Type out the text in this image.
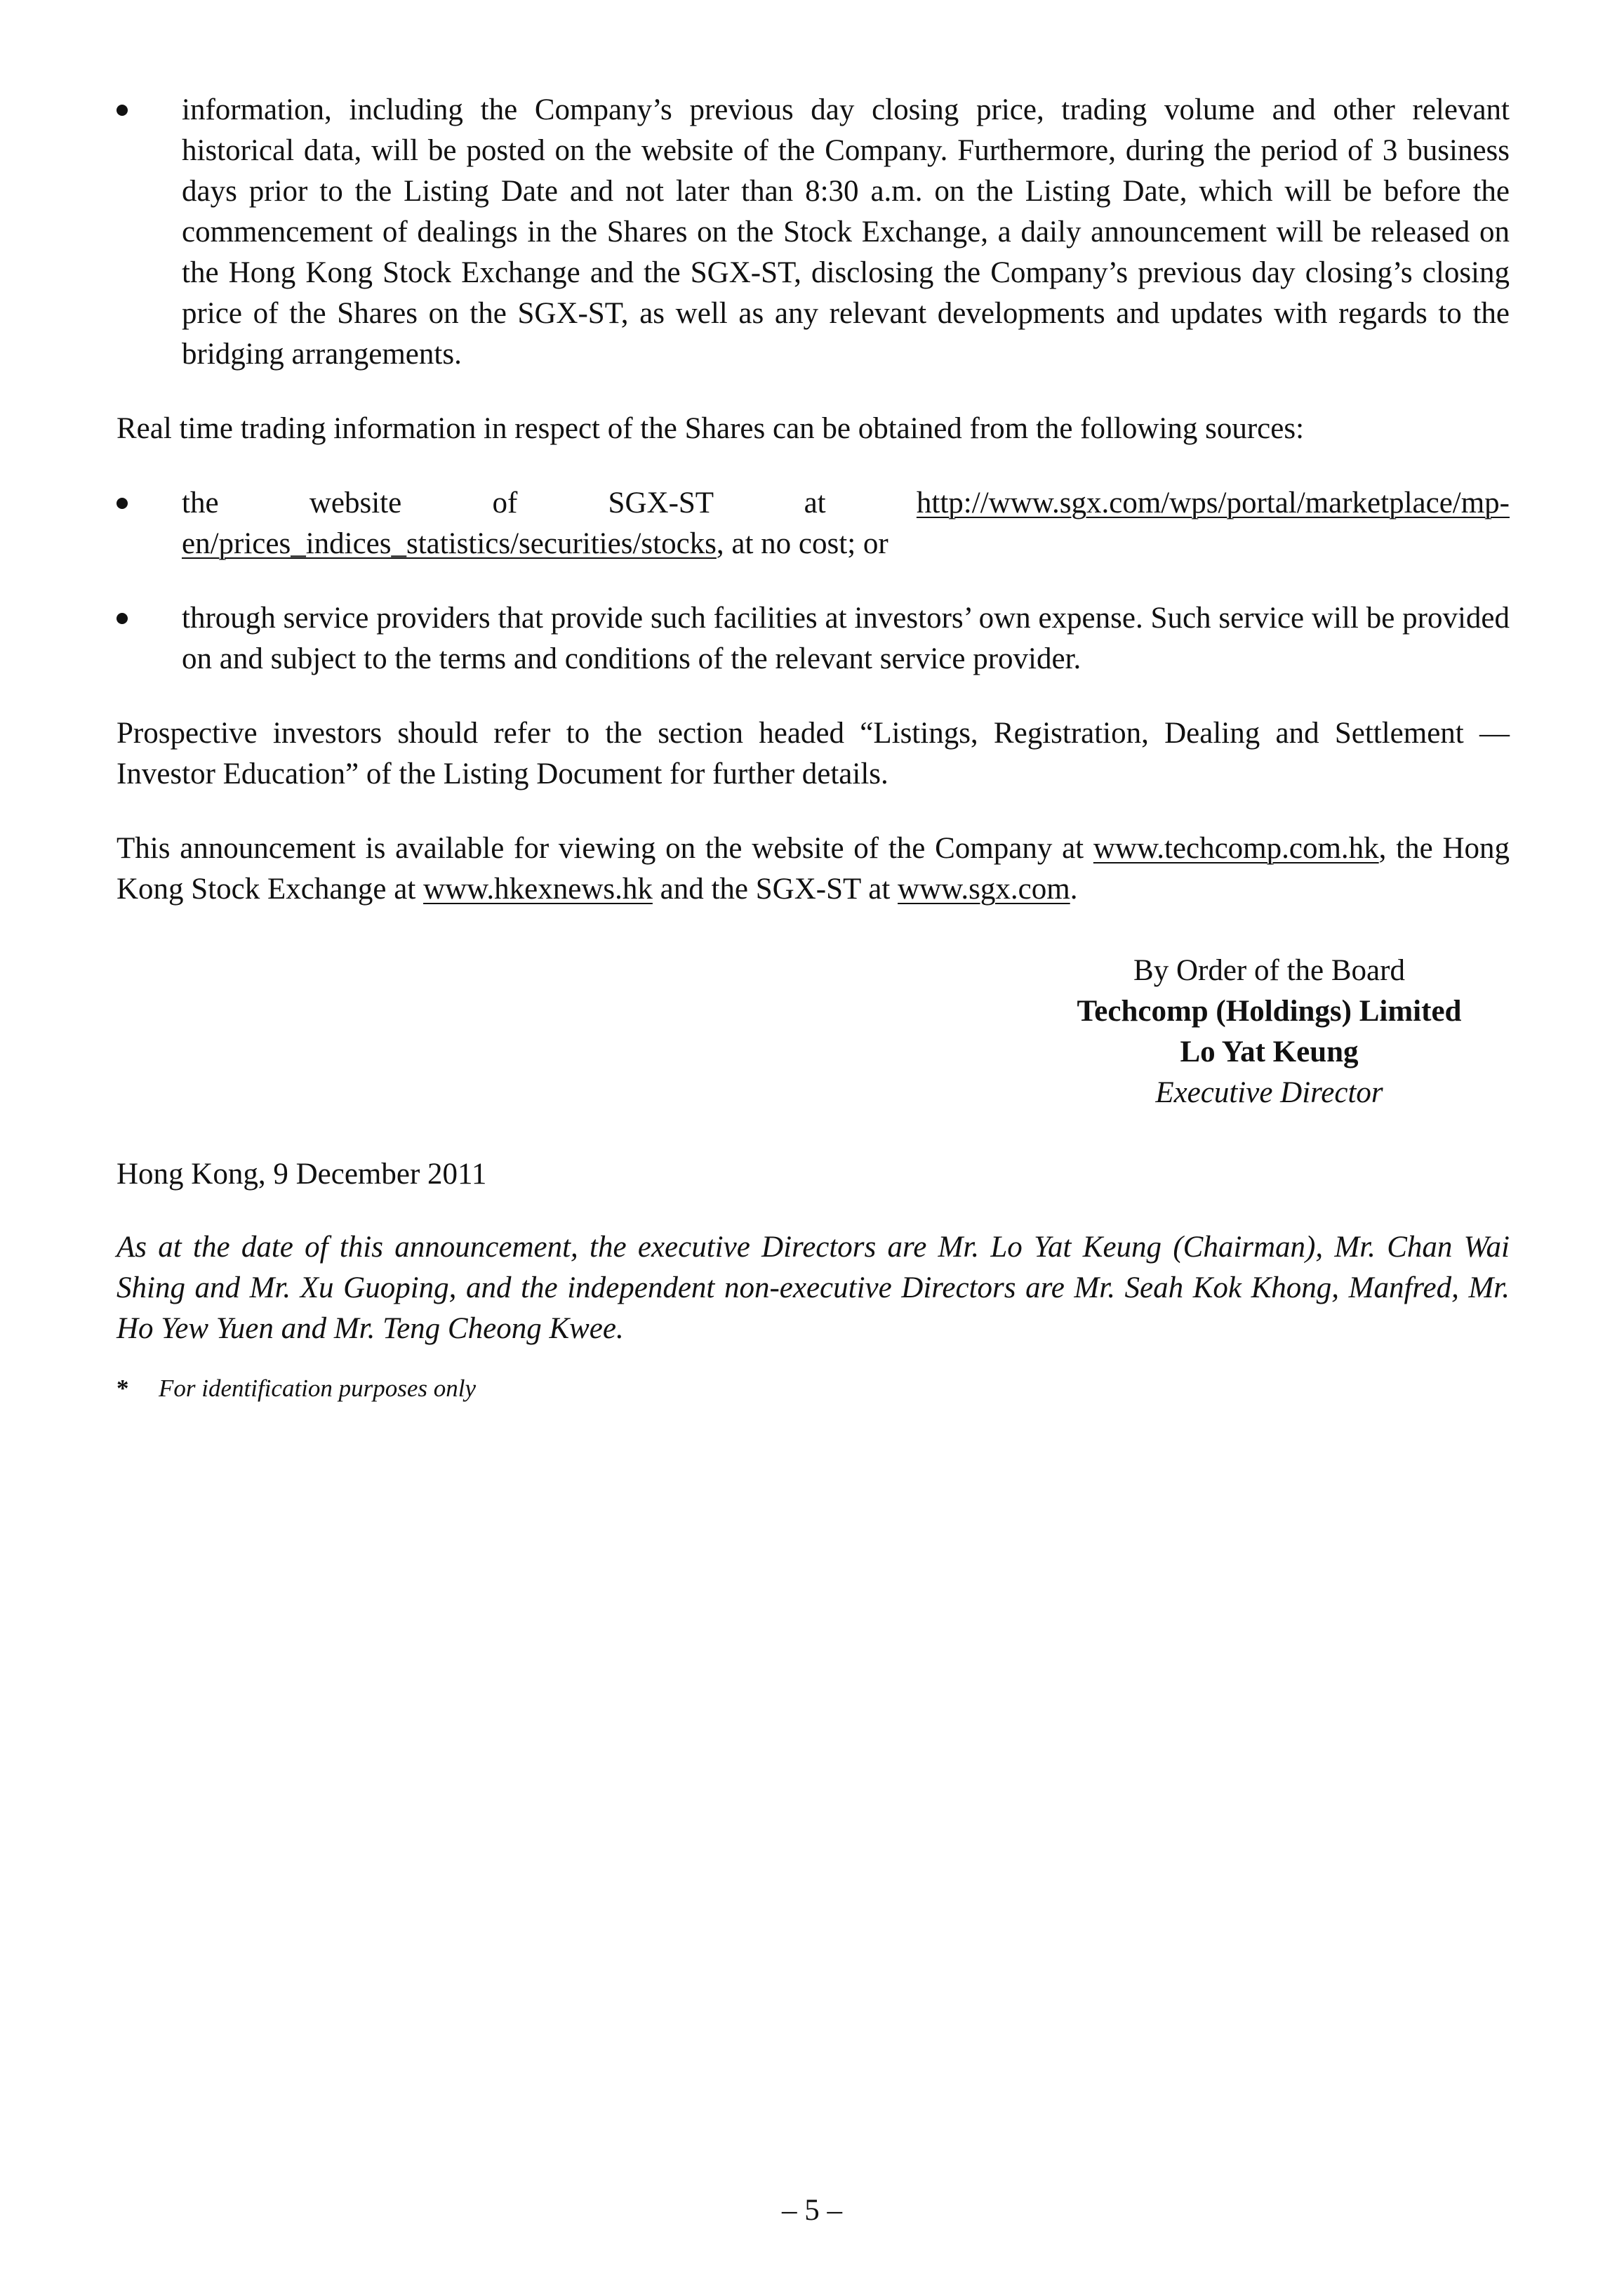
information, including the Company’s previous day closing price, trading volume and other relevant historical data, will be posted on the website of the Company. Furthermore, during the period of 3 business days prior to the Listing Date and not later than 8:30 a.m. on the Listing Date, which will be before the commencement of dealings in the Shares on the Stock Exchange, a daily announcement will be released on the Hong Kong Stock Exchange and the SGX-ST, disclosing the Company’s previous day closing’s closing price of the Shares on the SGX-ST, as well as any relevant developments and updates with regards to the bridging arrangements.

Real time trading information in respect of the Shares can be obtained from the following sources:

the website of SGX-ST at http://www.sgx.com/wps/portal/marketplace/mp-en/prices_indices_statistics/securities/stocks, at no cost; or

through service providers that provide such facilities at investors’ own expense. Such service will be provided on and subject to the terms and conditions of the relevant service provider.

Prospective investors should refer to the section headed “Listings, Registration, Dealing and Settlement — Investor Education” of the Listing Document for further details.

This announcement is available for viewing on the website of the Company at www.techcomp.com.hk, the Hong Kong Stock Exchange at www.hkexnews.hk and the SGX-ST at www.sgx.com.

By Order of the Board
Techcomp (Holdings) Limited
Lo Yat Keung
Executive Director
Hong Kong, 9 December 2011
As at the date of this announcement, the executive Directors are Mr. Lo Yat Keung (Chairman), Mr. Chan Wai Shing and Mr. Xu Guoping, and the independent non-executive Directors are Mr. Seah Kok Khong, Manfred, Mr. Ho Yew Yuen and Mr. Teng Cheong Kwee.
* For identification purposes only
– 5 –
